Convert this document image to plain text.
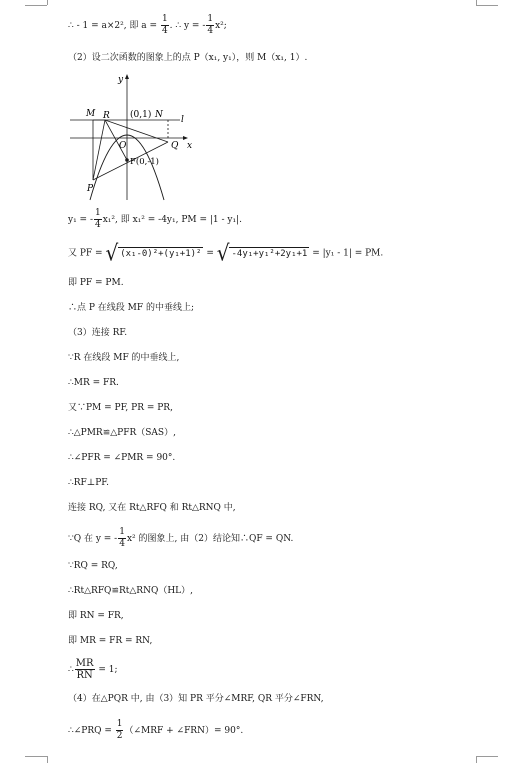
∴ - 1 = a×2², 即 $a = \frac{1}{4}$ . ∴ y = - $\frac{1}{4} x^2$;
（2）设二次函数的图象上的点 P（x₁, y₁），则 M（x₁, 1）.
y
x
M R (0,1) N l
O	Q
F(0,-1)
P
y₁ = - $\frac{1}{4} x_1^2$, 即 x₁² = -4y₁, PM = |1 - y₁|.
又 PF = √ (x₁-0)²+(y₁+1)² = √ -4y₁+y₁²+2y₁+1 = |y₁ - 1| = PM.
即 PF = PM.
∴点 P 在线段 MF 的中垂线上;
（3）连接 RF.
∵R 在线段 MF 的中垂线上,
∴MR = FR.
又∵PM = PF, PR = PR,
∴△PMR≌△PFR（SAS）,
∴∠PFR = ∠PMR = 90°.
∴RF⊥PF.
连接 RQ, 又在 Rt△RFQ 和 Rt△RNQ 中,
∵Q 在 y = - $\frac{1}{4} x^2$ 的图象上, 由（2）结论知∴QF = QN.
∵RQ = RQ,
∴Rt△RFQ≌Rt△RNQ（HL）,
即 RN = FR,
即 MR = FR = RN,
∴ $\frac{MR}{RN} = 1$;
（4）在△PQR 中, 由（3）知 PR 平分∠MRF, QR 平分∠FRN,
∴∠PRQ = $\frac{1}{2}$ （∠MRF + ∠FRN）= 90°.
